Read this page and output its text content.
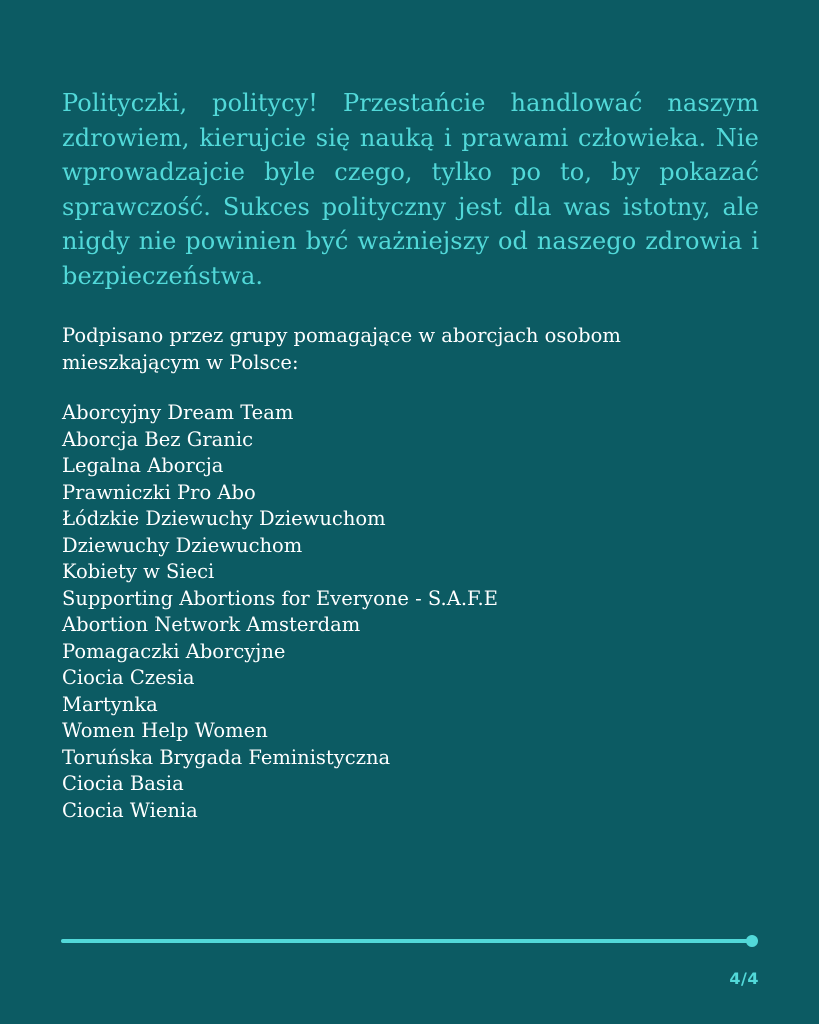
Polityczki, politycy! Przestańcie handlować naszym zdrowiem, kierujcie się nauką i prawami człowieka. Nie wprowadzajcie byle czego, tylko po to, by pokazać sprawczość. Sukces polityczny jest dla was istotny, ale nigdy nie powinien być ważniejszy od naszego zdrowia i bezpieczeństwa.

Podpisano przez grupy pomagające w aborcjach osobom mieszkającym w Polsce:

Aborcyjny Dream Team
Aborcja Bez Granic
Legalna Aborcja
Prawniczki Pro Abo
Łódzkie Dziewuchy Dziewuchom
Dziewuchy Dziewuchom
Kobiety w Sieci
Supporting Abortions for Everyone - S.A.F.E
Abortion Network Amsterdam
Pomagaczki Aborcyjne
Ciocia Czesia
Martynka
Women Help Women
Toruńska Brygada Feministyczna
Ciocia Basia
Ciocia Wienia
4/4
